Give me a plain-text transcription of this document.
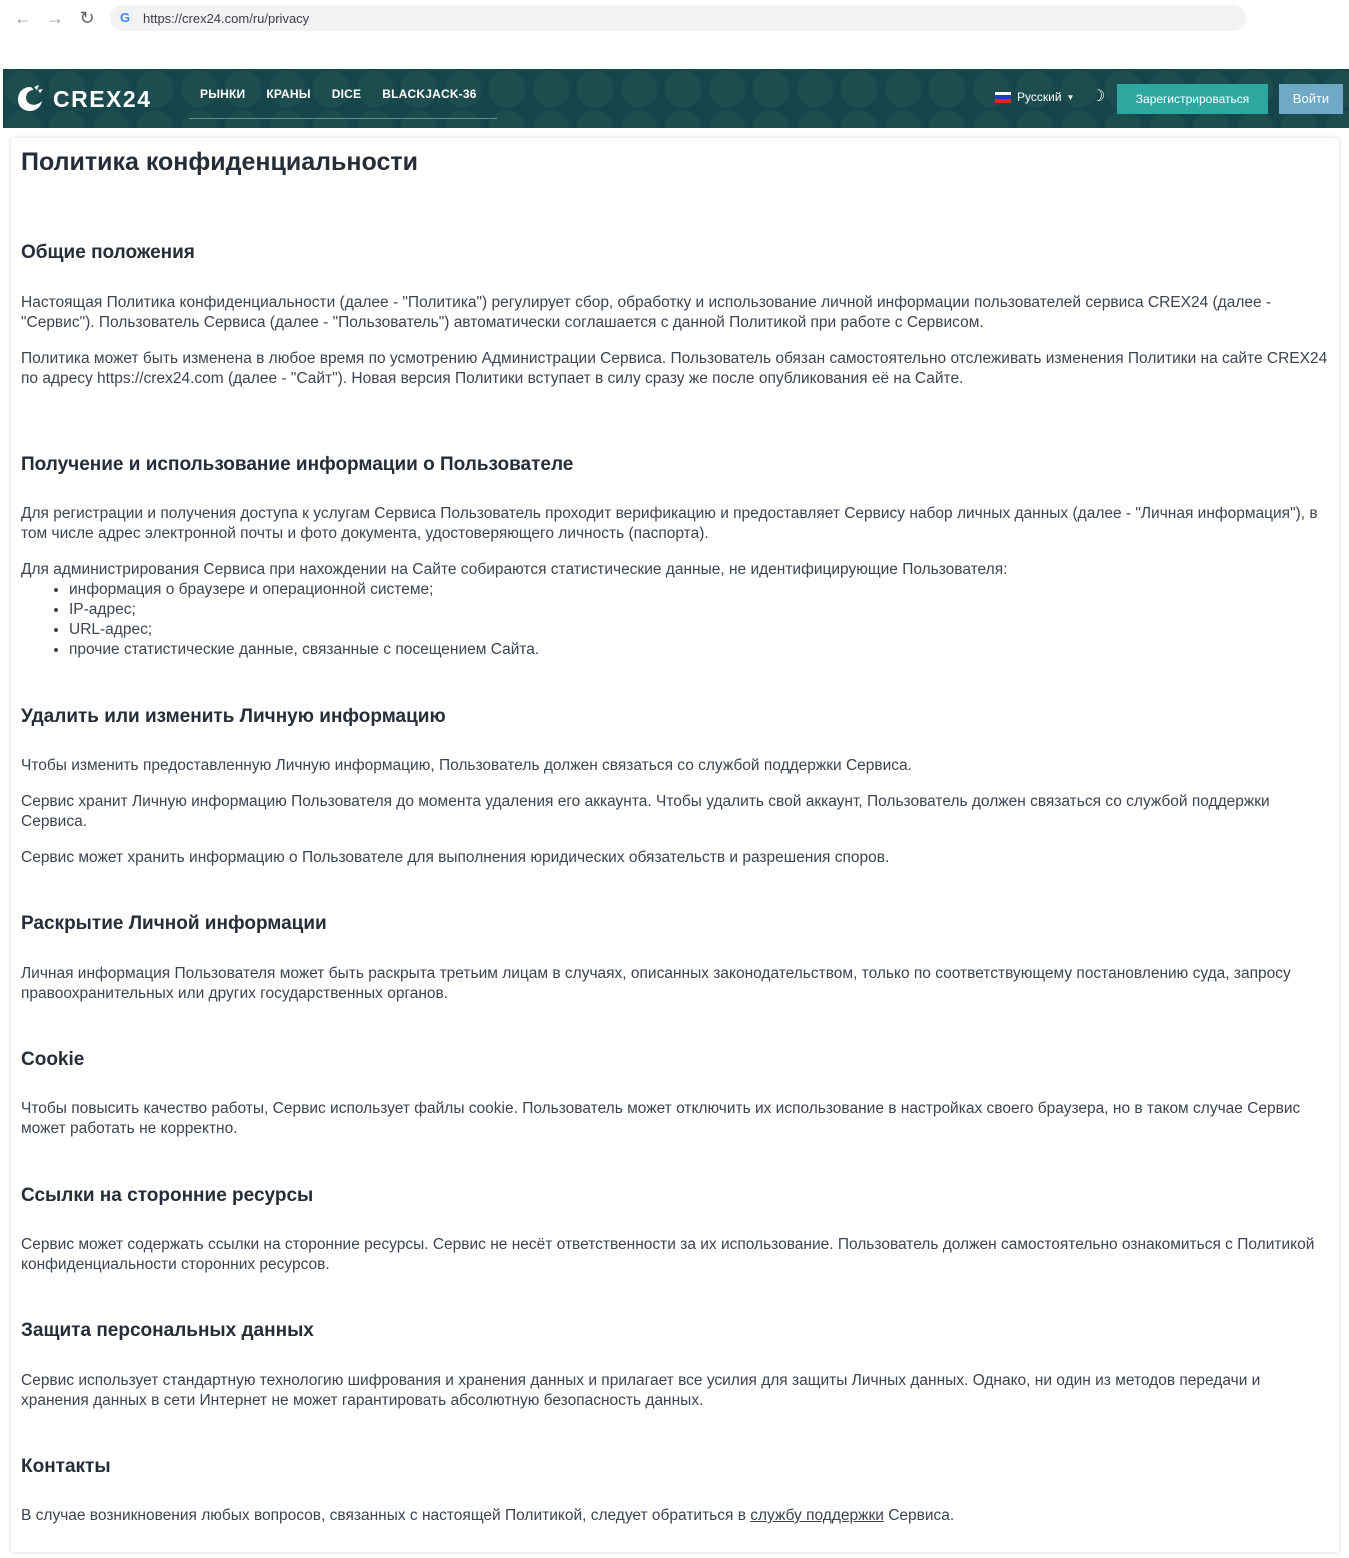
← → ↻ G https://crex24.com/ru/privacy
CREX24	РЫНКИ КРАНЫ DICE BLACKJACK-36	Русский ▼ ☽	Зарегистрироваться	Войти
Политика конфиденциальности
Общие положения

Настоящая Политика конфиденциальности (далее - "Политика") регулирует сбор, обработку и использование личной информации пользователей сервиса CREX24 (далее - "Сервис"). Пользователь Сервиса (далее - "Пользователь") автоматически соглашается с данной Политикой при работе с Сервисом.

Политика может быть изменена в любое время по усмотрению Администрации Сервиса. Пользователь обязан самостоятельно отслеживать изменения Политики на сайте CREX24 по адресу https://crex24.com (далее - "Сайт"). Новая версия Политики вступает в силу сразу же после опубликования её на Сайте.

Получение и использование информации о Пользователе

Для регистрации и получения доступа к услугам Сервиса Пользователь проходит верификацию и предоставляет Сервису набор личных данных (далее - "Личная информация"), в том числе адрес электронной почты и фото документа, удостоверяющего личность (паспорта).

Для администрирования Сервиса при нахождении на Сайте собираются статистические данные, не идентифицирующие Пользователя:

• информация о браузере и операционной системе;
• IP-адрес;
• URL-адрес;
• прочие статистические данные, связанные с посещением Сайта.
Удалить или изменить Личную информацию

Чтобы изменить предоставленную Личную информацию, Пользователь должен связаться со службой поддержки Сервиса.

Сервис хранит Личную информацию Пользователя до момента удаления его аккаунта. Чтобы удалить свой аккаунт, Пользователь должен связаться со службой поддержки Сервиса.

Сервис может хранить информацию о Пользователе для выполнения юридических обязательств и разрешения споров.

Раскрытие Личной информации

Личная информация Пользователя может быть раскрыта третьим лицам в случаях, описанных законодательством, только по соответствующему постановлению суда, запросу правоохранительных или других государственных органов.

Cookie

Чтобы повысить качество работы, Сервис использует файлы cookie. Пользователь может отключить их использование в настройках своего браузера, но в таком случае Сервис может работать не корректно.

Ссылки на сторонние ресурсы

Сервис может содержать ссылки на сторонние ресурсы. Сервис не несёт ответственности за их использование. Пользователь должен самостоятельно ознакомиться с Политикой конфиденциальности сторонних ресурсов.

Защита персональных данных

Сервис использует стандартную технологию шифрования и хранения данных и прилагает все усилия для защиты Личных данных. Однако, ни один из методов передачи и хранения данных в сети Интернет не может гарантировать абсолютную безопасность данных.

Контакты

В случае возникновения любых вопросов, связанных с настоящей Политикой, следует обратиться в службу поддержки Сервиса.
